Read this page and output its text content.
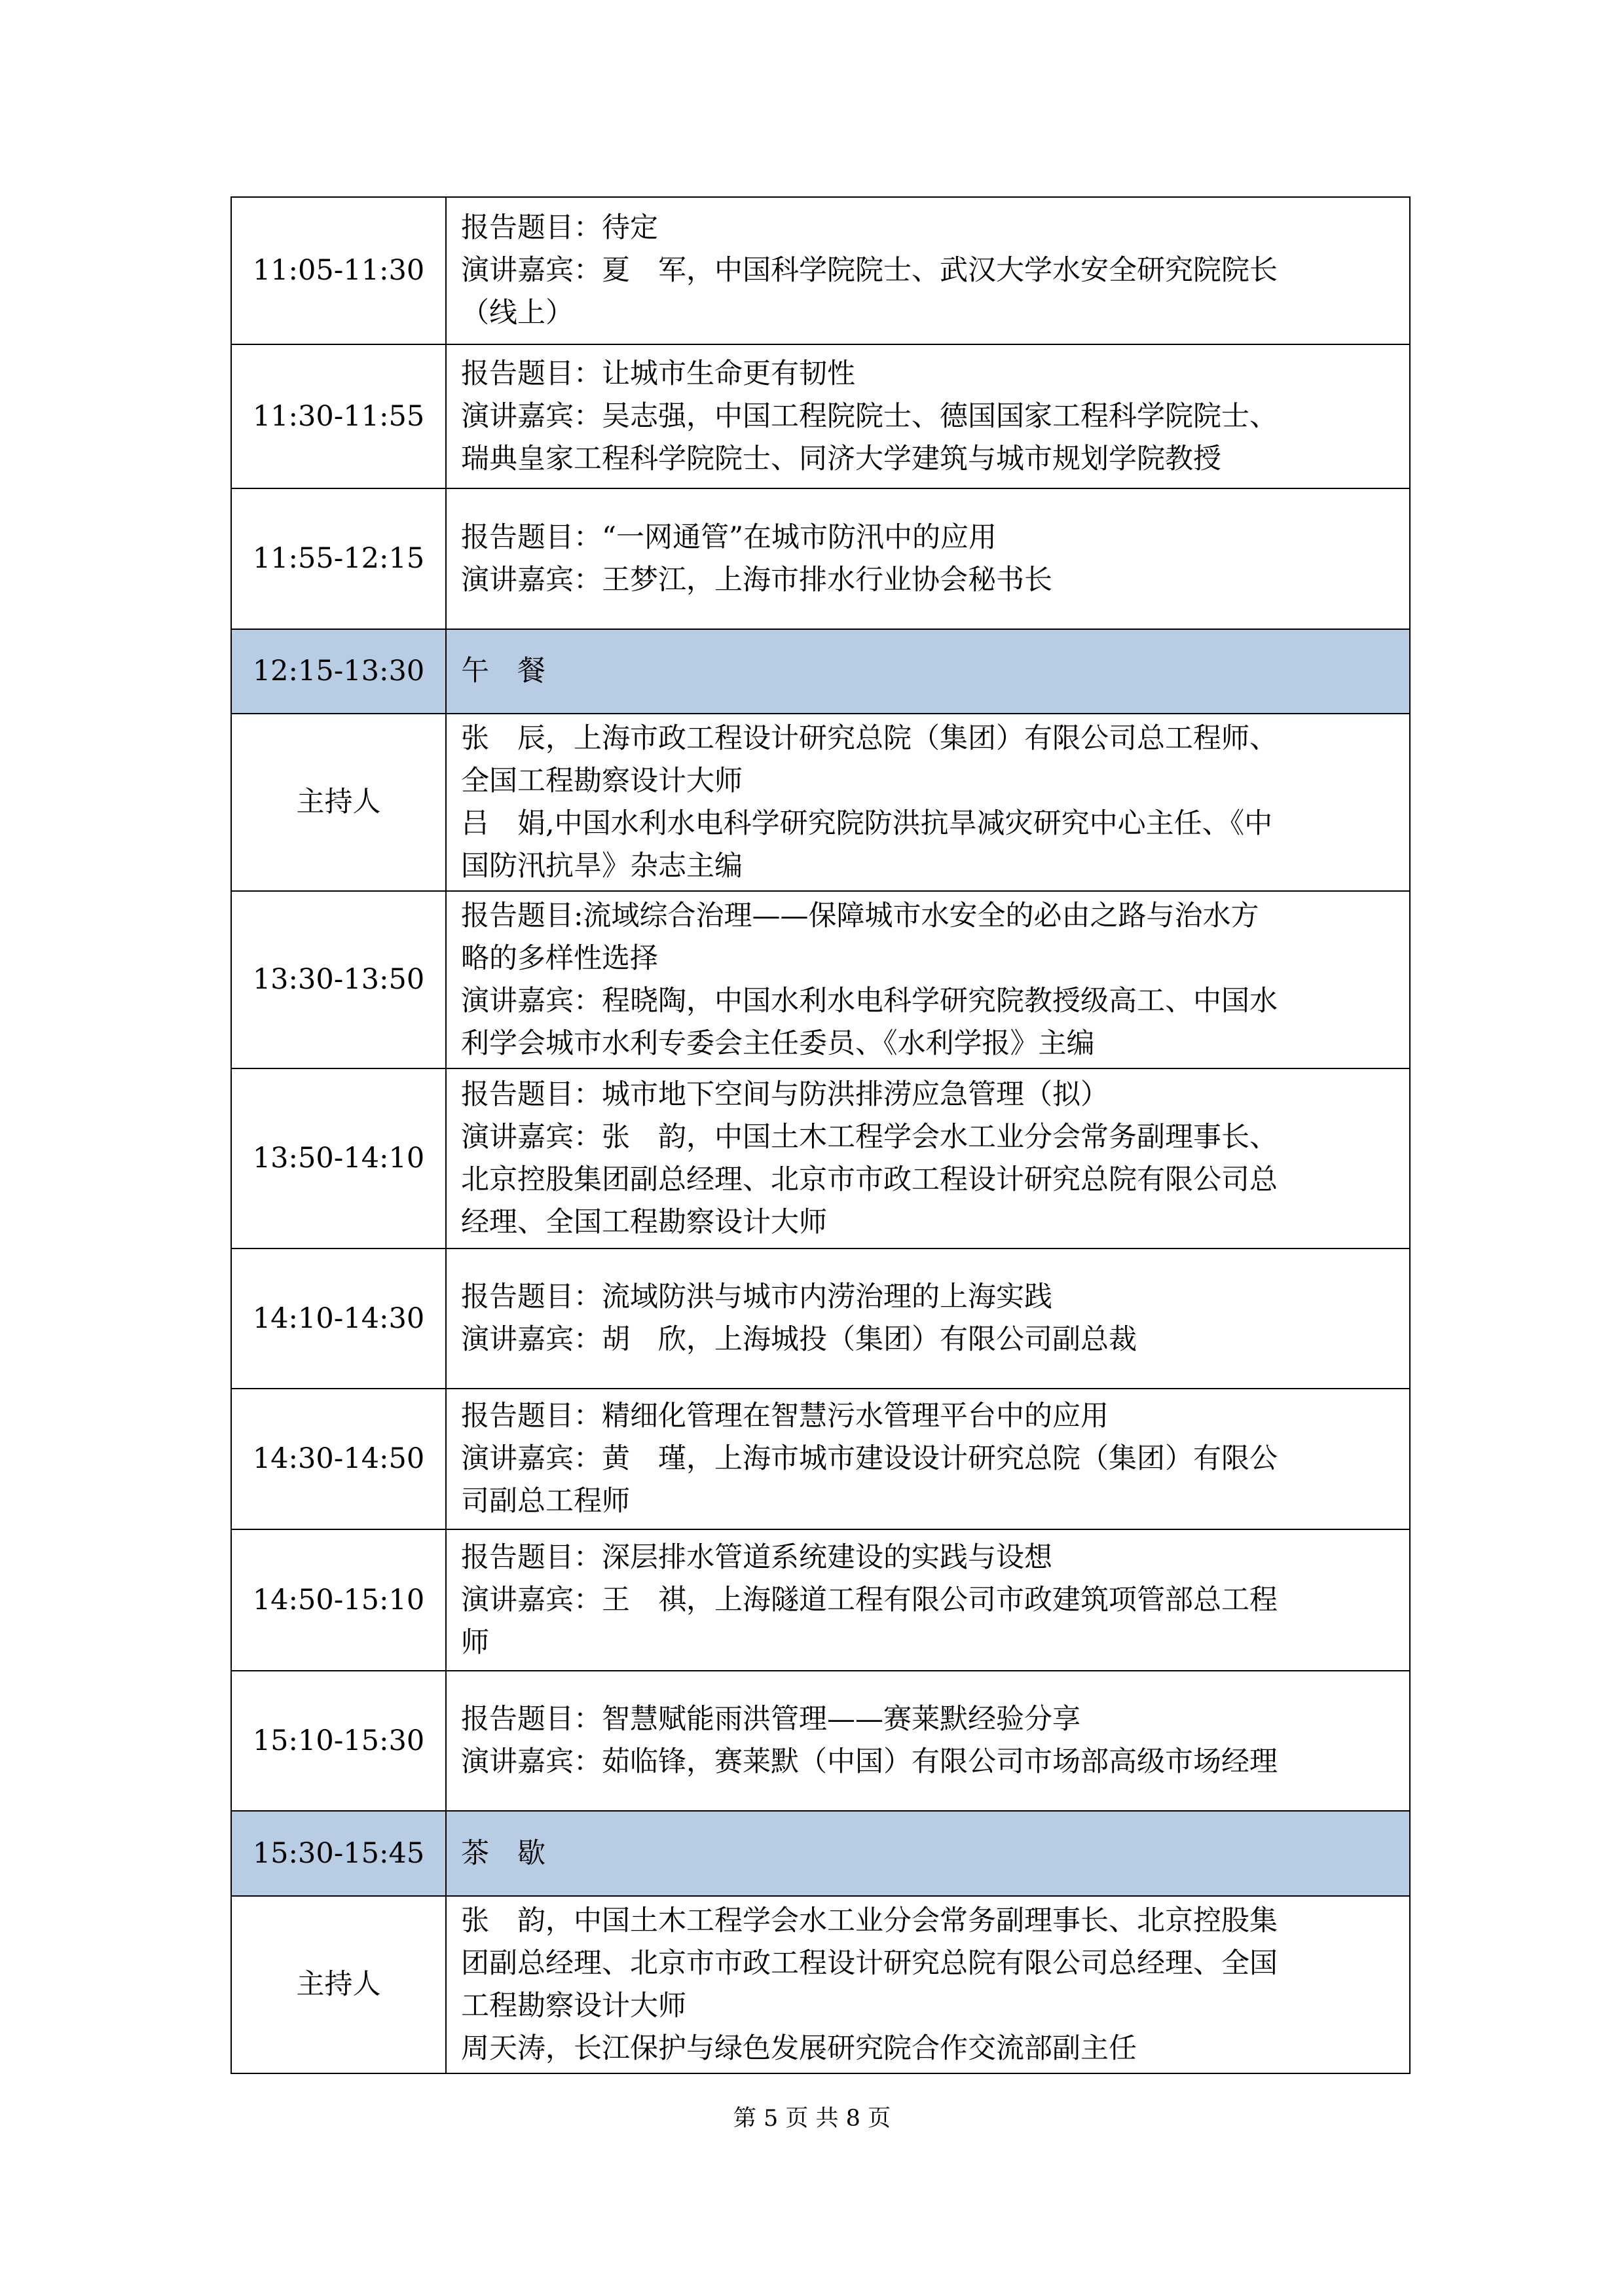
11:05-11:30	报告题目：待定
演讲嘉宾：夏　军，中国科学院院士、武汉大学水安全研究院院长
（线上）

11:30-11:55	报告题目：让城市生命更有韧性
演讲嘉宾：吴志强，中国工程院院士、德国国家工程科学院院士、
瑞典皇家工程科学院院士、同济大学建筑与城市规划学院教授

11:55-12:15	报告题目：“一网通管”在城市防汛中的应用
演讲嘉宾：王梦江，上海市排水行业协会秘书长

12:15-13:30	午　餐

主持人	张　辰，上海市政工程设计研究总院（集团）有限公司总工程师、
全国工程勘察设计大师
吕　娟,中国水利水电科学研究院防洪抗旱减灾研究中心主任、《中
国防汛抗旱》杂志主编

13:30-13:50	报告题目:流域综合治理——保障城市水安全的必由之路与治水方
略的多样性选择
演讲嘉宾：程晓陶，中国水利水电科学研究院教授级高工、中国水
利学会城市水利专委会主任委员、《水利学报》主编

13:50-14:10	报告题目：城市地下空间与防洪排涝应急管理（拟）
演讲嘉宾：张　韵，中国土木工程学会水工业分会常务副理事长、
北京控股集团副总经理、北京市市政工程设计研究总院有限公司总
经理、全国工程勘察设计大师

14:10-14:30	报告题目：流域防洪与城市内涝治理的上海实践
演讲嘉宾：胡　欣，上海城投（集团）有限公司副总裁

14:30-14:50	报告题目：精细化管理在智慧污水管理平台中的应用
演讲嘉宾：黄　瑾，上海市城市建设设计研究总院（集团）有限公
司副总工程师

14:50-15:10	报告题目：深层排水管道系统建设的实践与设想
演讲嘉宾：王　祺，上海隧道工程有限公司市政建筑项管部总工程
师

15:10-15:30	报告题目：智慧赋能雨洪管理——赛莱默经验分享
演讲嘉宾：茹临锋，赛莱默（中国）有限公司市场部高级市场经理

15:30-15:45	茶　歇

主持人	张　韵，中国土木工程学会水工业分会常务副理事长、北京控股集
团副总经理、北京市市政工程设计研究总院有限公司总经理、全国
工程勘察设计大师
周天涛，长江保护与绿色发展研究院合作交流部副主任
第 5 页 共 8 页
